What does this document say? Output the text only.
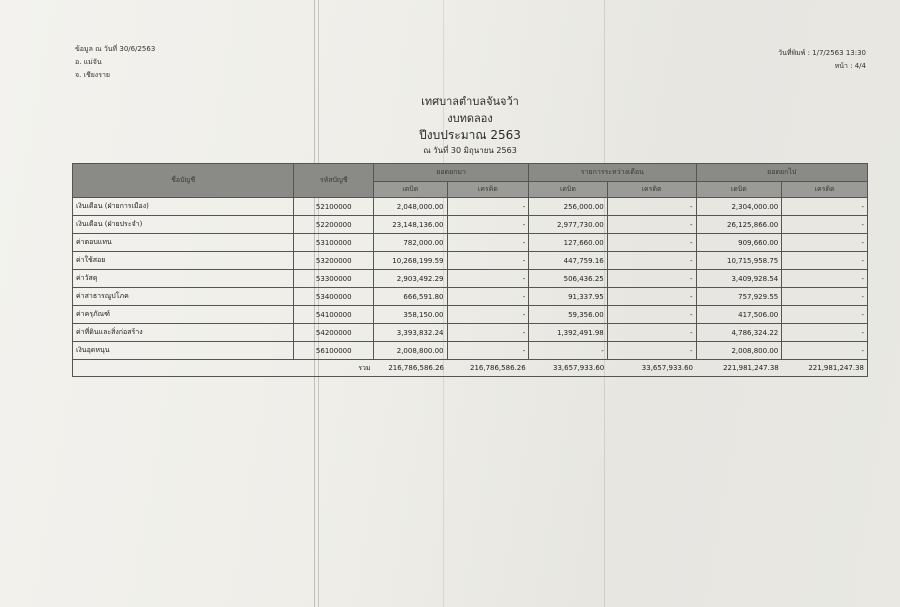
ข้อมูล ณ วันที่ 30/6/2563
อ. แม่จัน
จ. เชียงราย
วันที่พิมพ์ : 1/7/2563 13:30
หน้า : 4/4
เทศบาลตำบลจันจว้า
งบทดลอง
ปีงบประมาณ 2563
ณ วันที่ 30 มิถุนายน 2563
ชื่อบัญชี	รหัสบัญชี	ยอดยกมา		รายการระหว่างเดือน		ยอดยกไป	
		เดบิต	เครดิต	เดบิต	เครดิต	เดบิต	เครดิต
เงินเดือน (ฝ่ายการเมือง)	52100000	2,048,000.00	-	256,000.00	-	2,304,000.00	-
เงินเดือน (ฝ่ายประจำ)	52200000	23,148,136.00	-	2,977,730.00	-	26,125,866.00	-
ค่าตอบแทน	53100000	782,000.00	-	127,660.00	-	909,660.00	-
ค่าใช้สอย	53200000	10,268,199.59	-	447,759.16	-	10,715,958.75	-
ค่าวัสดุ	53300000	2,903,492.29	-	506,436.25	-	3,409,928.54	-
ค่าสาธารณูปโภค	53400000	666,591.80	-	91,337.95	-	757,929.55	-
ค่าครุภัณฑ์	54100000	358,150.00	-	59,356.00	-	417,506.00	-
ค่าที่ดินและสิ่งก่อสร้าง	54200000	3,393,832.24	-	1,392,491.98	-	4,786,324.22	-
เงินอุดหนุน	56100000	2,008,800.00	-	-	-	2,008,800.00	-
	รวม	216,786,586.26	216,786,586.26	33,657,933.60	33,657,933.60	221,981,247.38	221,981,247.38
